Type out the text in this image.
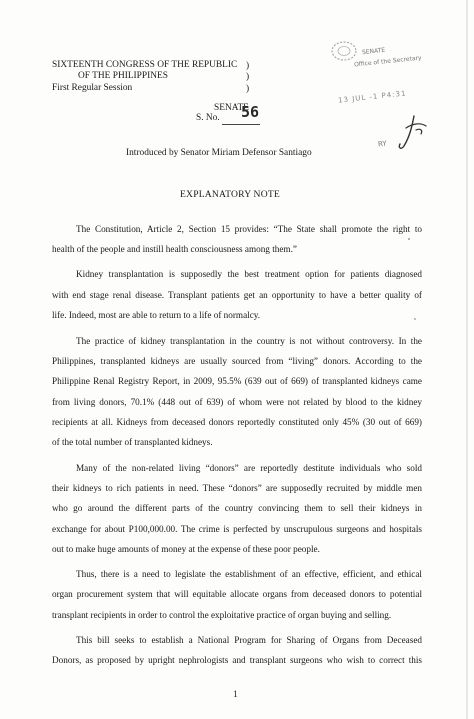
SIXTEENTH CONGRESS OF THE REPUBLIC
OF THE PHILIPPINES
First Regular Session
)
)
)
SENATE
Office of the Secretary
13 JUL -1 P4:31
RY
SENATE
S. No. 56
Introduced by Senator Miriam Defensor Santiago
EXPLANATORY NOTE
The Constitution, Article 2, Section 15 provides: “The State shall promote the right to
health of the people and instill health consciousness among them.”
Kidney transplantation is supposedly the best treatment option for patients diagnosed
with end stage renal disease. Transplant patients get an opportunity to have a better quality of
life. Indeed, most are able to return to a life of normalcy.
The practice of kidney transplantation in the country is not without controversy. In the
Philippines, transplanted kidneys are usually sourced from “living” donors. According to the
Philippine Renal Registry Report, in 2009, 95.5% (639 out of 669) of transplanted kidneys came
from living donors, 70.1% (448 out of 639) of whom were not related by blood to the kidney
recipients at all. Kidneys from deceased donors reportedly constituted only 45% (30 out of 669)
of the total number of transplanted kidneys.
Many of the non-related living “donors” are reportedly destitute individuals who sold
their kidneys to rich patients in need. These “donors” are supposedly recruited by middle men
who go around the different parts of the country convincing them to sell their kidneys in
exchange for about P100,000.00. The crime is perfected by unscrupulous surgeons and hospitals
out to make huge amounts of money at the expense of these poor people.
Thus, there is a need to legislate the establishment of an effective, efficient, and ethical
organ procurement system that will equitable allocate organs from deceased donors to potential
transplant recipients in order to control the exploitative practice of organ buying and selling.
This bill seeks to establish a National Program for Sharing of Organs from Deceased
Donors, as proposed by upright nephrologists and transplant surgeons who wish to correct this
1
